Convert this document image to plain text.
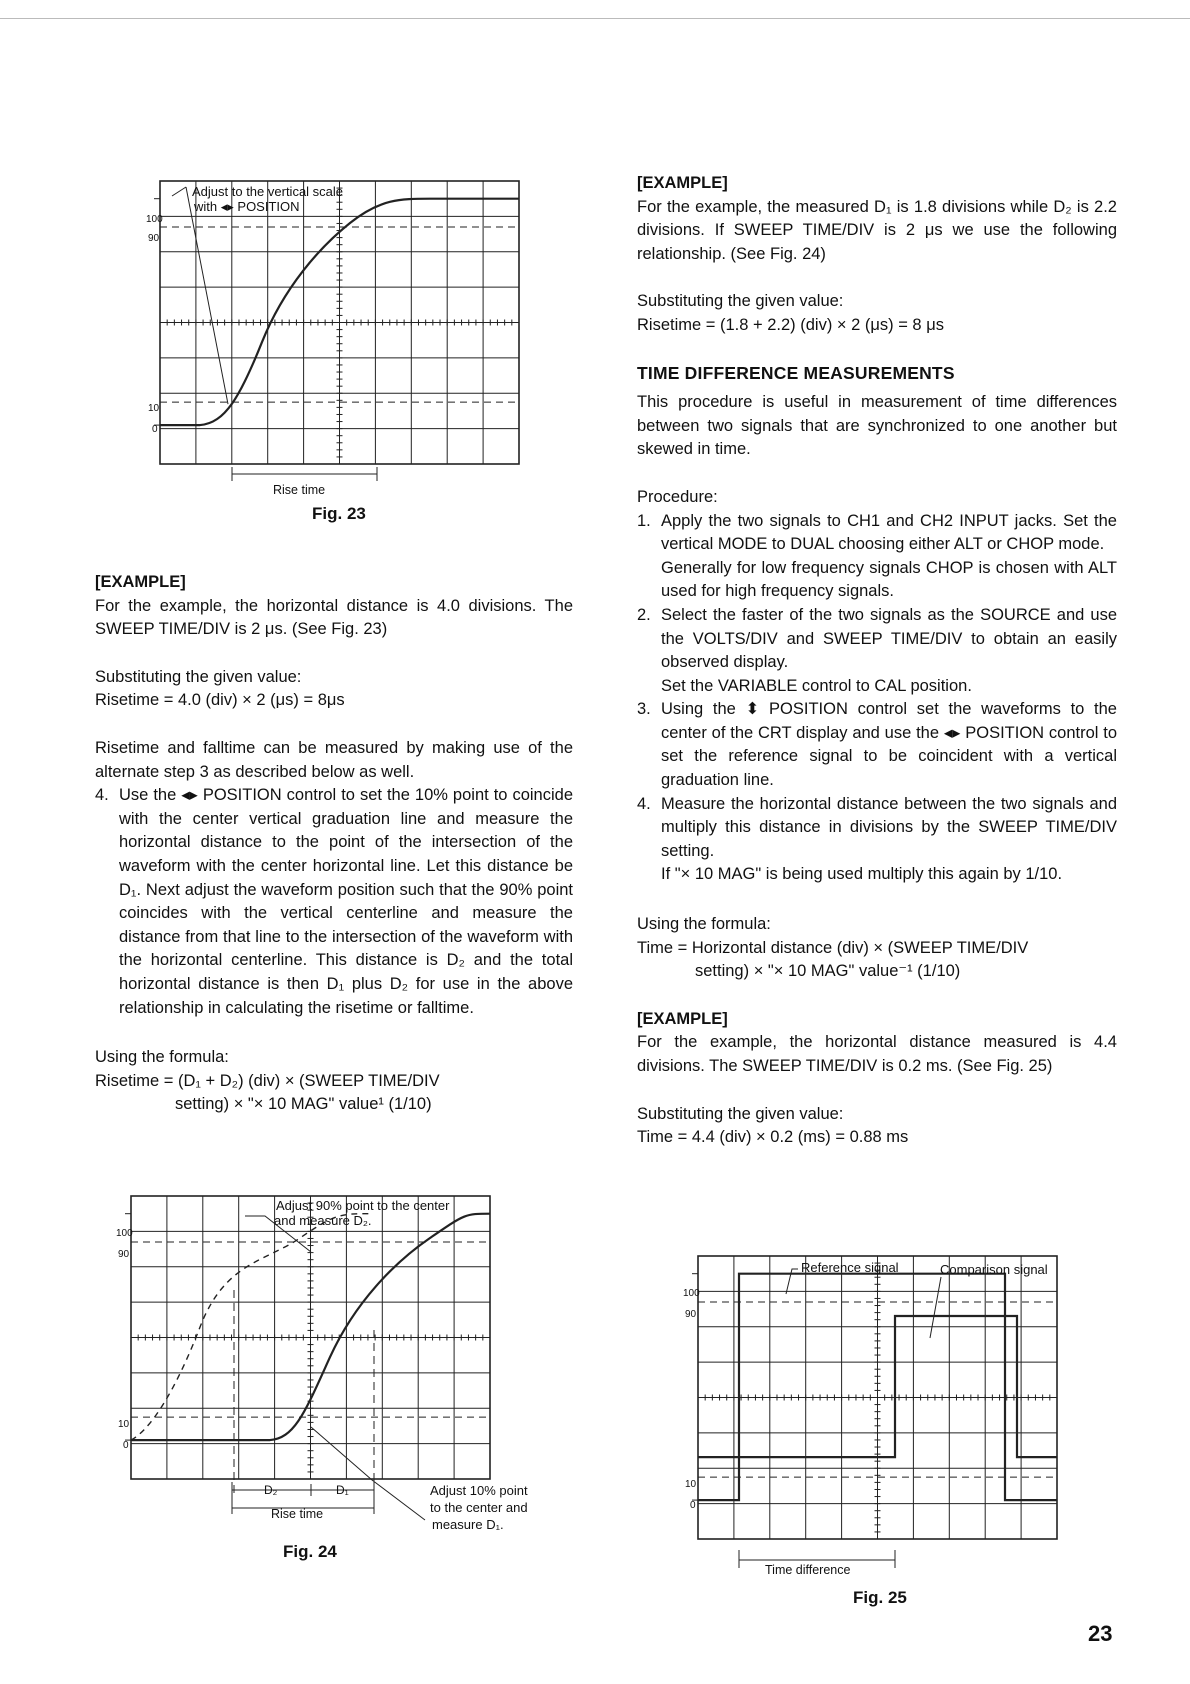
Adjust to the vertical scale
with ◂▸ POSITION
100
90
10
0
Rise time
Fig. 23
Adjust 90% point to the center
and measure D₂.
100
90
10
0
D₂	D₁
Rise time
Adjust 10% point
to the center and
measure D₁.
Fig. 24
Reference signal	Comparison signal
100
90
10
0
Time difference
Fig. 25

[EXAMPLE]

For the example, the horizontal distance is 4.0 divisions. The SWEEP TIME/DIV is 2 μs. (See Fig. 23)

Substituting the given value:

Risetime = 4.0 (div) × 2 (μs) = 8μs

Risetime and falltime can be measured by making use of the alternate step 3 as described below as well.

4. Use the ◂▸ POSITION control to set the 10% point to coincide with the center vertical graduation line and measure the horizontal distance to the point of the intersection of the waveform with the center horizontal line. Let this distance be D₁. Next adjust the waveform position such that the 90% point coincides with the vertical centerline and measure the distance from that line to the intersection of the waveform with the horizontal centerline. This distance is D₂ and the total horizontal distance is then D₁ plus D₂ for use in the above relationship in calculating the risetime or falltime.

Using the formula:

Risetime = (D₁ + D₂) (div) × (SWEEP TIME/DIV

setting) × "× 10 MAG" value¹ (1/10)

[EXAMPLE]

For the example, the measured D₁ is 1.8 divisions while D₂ is 2.2 divisions. If SWEEP TIME/DIV is 2 μs we use the following relationship. (See Fig. 24)

Substituting the given value:

Risetime = (1.8 + 2.2) (div) × 2 (μs) = 8 μs

TIME DIFFERENCE MEASUREMENTS

This procedure is useful in measurement of time differences between two signals that are synchronized to one another but skewed in time.

Procedure:

1. Apply the two signals to CH1 and CH2 INPUT jacks. Set the vertical MODE to DUAL choosing either ALT or CHOP mode.
Generally for low frequency signals CHOP is chosen with ALT used for high frequency signals.
2. Select the faster of the two signals as the SOURCE and use the VOLTS/DIV and SWEEP TIME/DIV to obtain an easily observed display.
Set the VARIABLE control to CAL position.
3. Using the ⬍ POSITION control set the waveforms to the center of the CRT display and use the ◂▸ POSITION control to set the reference signal to be coincident with a vertical graduation line.
4. Measure the horizontal distance between the two signals and multiply this distance in divisions by the SWEEP TIME/DIV setting.
If "× 10 MAG" is being used multiply this again by 1/10.

Using the formula:

Time = Horizontal distance (div) × (SWEEP TIME/DIV

setting) × "× 10 MAG" value⁻¹ (1/10)

[EXAMPLE]

For the example, the horizontal distance measured is 4.4 divisions. The SWEEP TIME/DIV is 0.2 ms. (See Fig. 25)

Substituting the given value:

Time = 4.4 (div) × 0.2 (ms) = 0.88 ms

23
